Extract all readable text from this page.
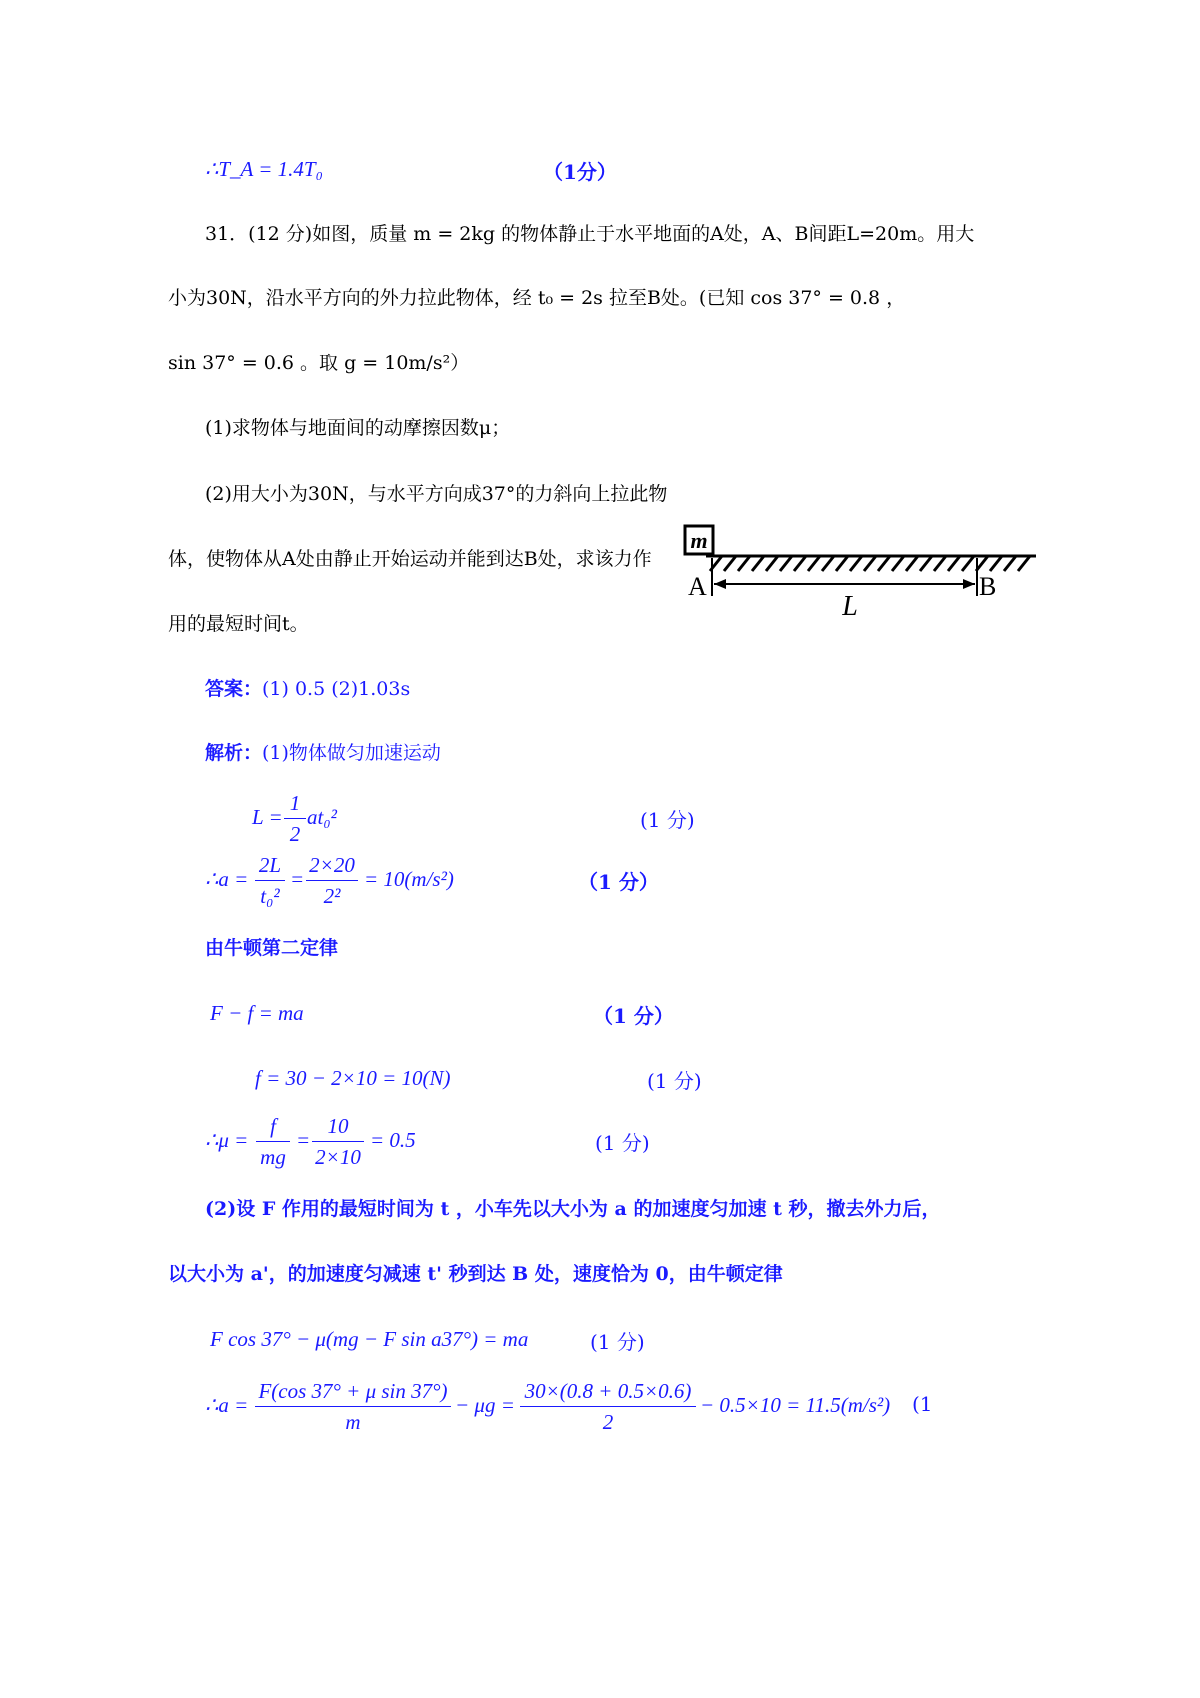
∴T_A = 1.4T₀	（1分）
31．(12 分)如图，质量 m = 2kg 的物体静止于水平地面的A处，A、B间距L=20m。用大
小为30N，沿水平方向的外力拉此物体，经 t₀ = 2s 拉至B处。(已知 cos 37° = 0.8 ，
sin 37° = 0.6 。取 g = 10m/s²）
(1)求物体与地面间的动摩擦因数μ；
(2)用大小为30N，与水平方向成37°的力斜向上拉此物
体，使物体从A处由静止开始运动并能到达B处，求该力作
用的最短时间t。
m
A	B
L
答案：(1) 0.5 (2)1.03s
解析：(1)物体做匀加速运动
L =
1
2
at₀²	(1 分)
∴a =
2L
t₀²
=
2×20
2²
= 10(m/s²)	（1 分）
由牛顿第二定律
F − f = ma	（1 分）
f = 30 − 2×10 = 10(N)	(1 分)
∴μ =
f
mg
=
10
2×10
= 0.5	(1 分)
(2)设 F 作用的最短时间为 t ，小车先以大小为 a 的加速度匀加速 t 秒，撤去外力后，
以大小为 a'，的加速度匀减速 t' 秒到达 B 处，速度恰为 0，由牛顿定律
F cos 37° − μ(mg − F sin a37°) = ma	(1 分)
∴a =
F(cos 37° + μ sin 37°)
m
− μg =
30×(0.8 + 0.5×0.6)
2
− 0.5×10 = 11.5(m/s²) (1
